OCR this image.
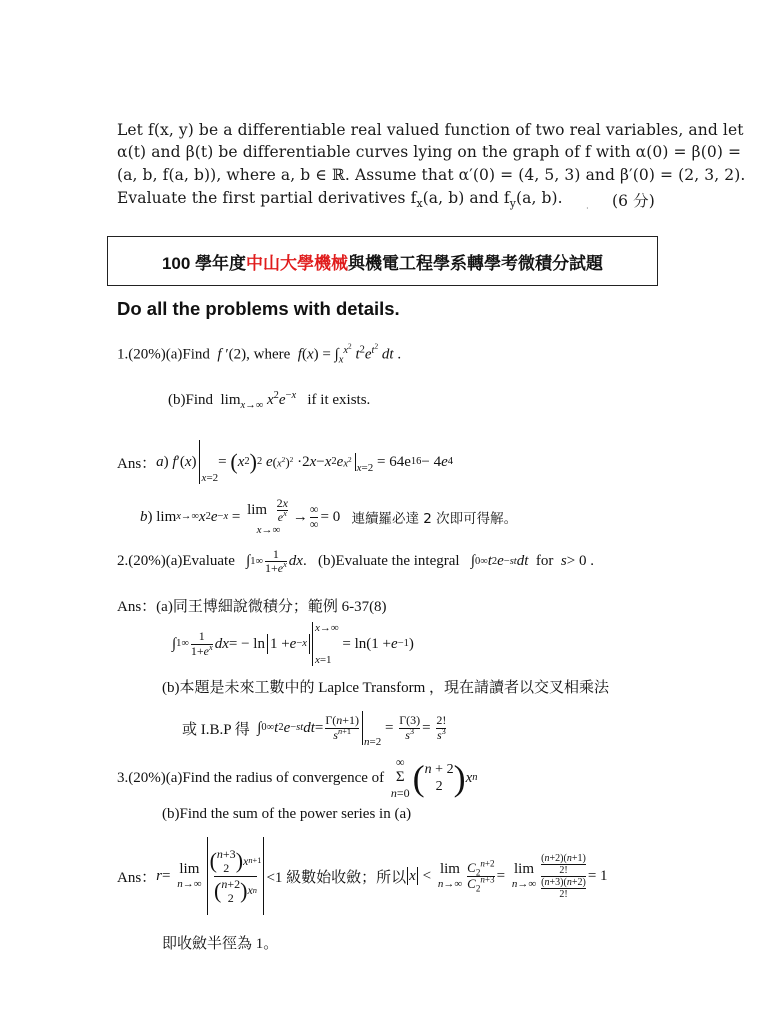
Let f(x, y) be a differentiable real valued function of two real variables, and let
α(t) and β(t) be differentiable curves lying on the graph of f with α(0) = β(0) =
(a, b, f(a, b)), where a, b ∈ ℝ. Assume that α′(0) = (4, 5, 3) and β′(0) = (2, 3, 2).
Evaluate the first partial derivatives $f_x(a$, b) and $f_y(a$, b).	(6 分)
·
100 學年度 中山大學機械 與機電工程學系轉學考微積分試題
Do all the problems with details.
1.(20%)(a)Find f ′(2), where $f(x) = \int_x^{x^2}$ $t^2e^{t^2}$ dt .
(b)Find  $\lim_{x\to\infty} x^2e^{-x}$ if it exists.
Ans： a ) f ′( x )
x=2
= ( x 2 ) 2
e $(x^2)^2 \cdot 2$ x − x 2 e $x^2$
x=2
= 64e 16 − 4 e 4
b ) lim x→∞ x 2 $e -x = \lim \frac{2x}{e^x}$
x→∞
→ $\frac{\infty}{\infty} = 0$ 連續羅必達 2 次即可得解。
2.(20%)(a)Evaluate ∫ 1 ∞ $\frac{1}{1+e^x}$ dx . (b)Evaluate the integral ∫ 0 ∞ t 2 e −st dt
for
s > 0 .
Ans：(a)同王博細說微積分；範例 6-37(8)
∫ 1 ∞ $\frac{1}{1+e^x}$ dx = − ln
1 + e −x
x→∞
x=1
= ln(1 + e −1 )
(b)本題是未來工數中的 Laplce Transform ，現在請讀者以交叉相乘法
或 I.B.P 得 ∫ 0 ∞ t 2 e −st dt = $\frac{\Gamma(n+1)}{s^{n+1}}$
n=2
= $\frac{\Gamma(3)}{s^3} = \frac{2!}{s^3}$
3.(20%)(a)Find the radius of convergence of

∞
Σ
n=0 ( n + 2
2 ) x n
(b)Find the sum of the power series in (a)
Ans： r = lim
n→∞
( n+3
2 ) x n+1
( n+2
2 ) x n
<1 級數始收斂；所以 x < lim
$n\to\infty \frac{C_2^{n+2}}{C_2^{n+3}} = \lim$
n→∞ (n+2)(n+1)
2!
(n+3)(n+2)
2! = 1
即收斂半徑為 1。
